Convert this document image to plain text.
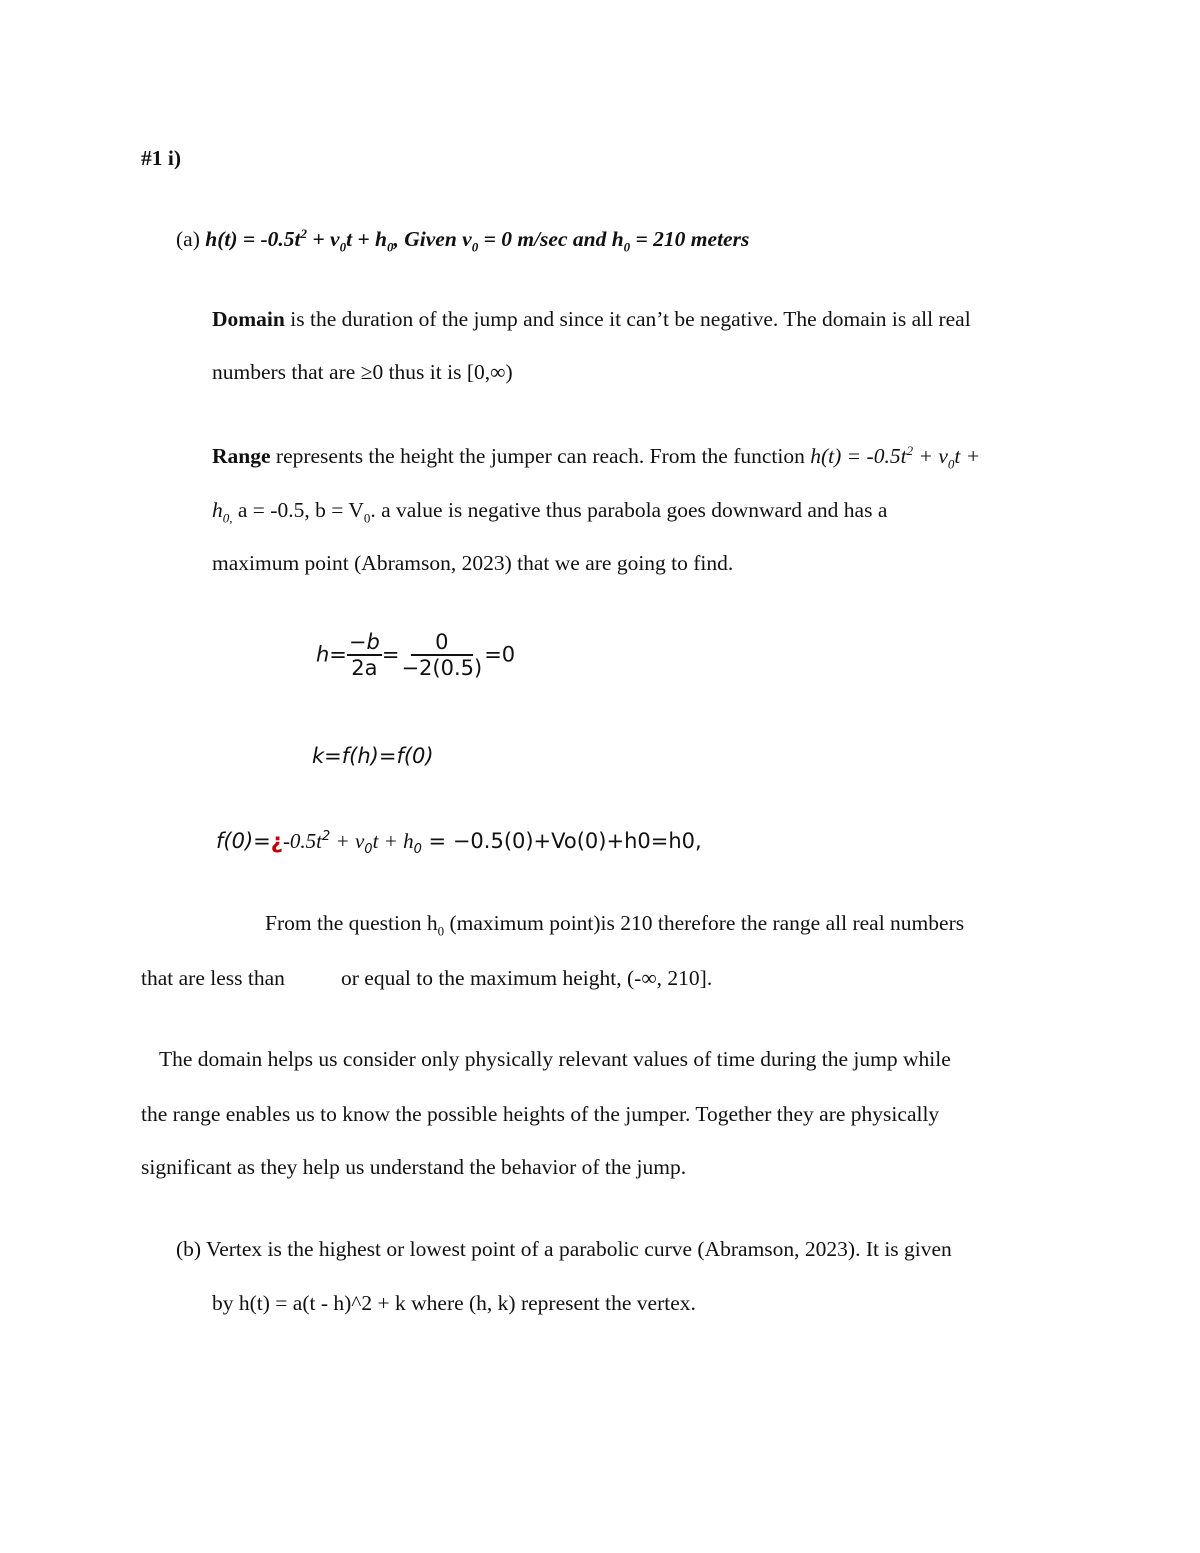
#1 i)
(a) $h(t) = -0.5t^2 + v_0t + h_0$, Given $v_0 = 0$ m/sec and $h_0 = 210$ meters
Domain is the duration of the jump and since it can’t be negative. The domain is all real
numbers that are ≥0 thus it is [0,∞)
Range represents the height the jumper can reach. From the function $h(t) = -0.5t^2 + v_0t$ +
$h_{0,}$ a = -0.5, $b = V_0$. a value is negative thus parabola goes downward and has a
maximum point (Abramson, 2023) that we are going to find.
$h= \frac{-b}{2a} = \frac{0}{-2(0.5)} =0$
k=f(h)=f(0)
$f(0)=¿-0.5t^2 + v_0t + h_0 = -0.5(0)+Vo(0)+h0=h0$,
From the question $h_0$ (maximum point)is 210 therefore the range all real numbers
that are less than	or equal to the maximum height, (-∞, 210].
The domain helps us consider only physically relevant values of time during the jump while
the range enables us to know the possible heights of the jumper. Together they are physically
significant as they help us understand the behavior of the jump.
(b) Vertex is the highest or lowest point of a parabolic curve (Abramson, 2023). It is given
by h(t) = a(t - h)^2 + k where (h, k) represent the vertex.
